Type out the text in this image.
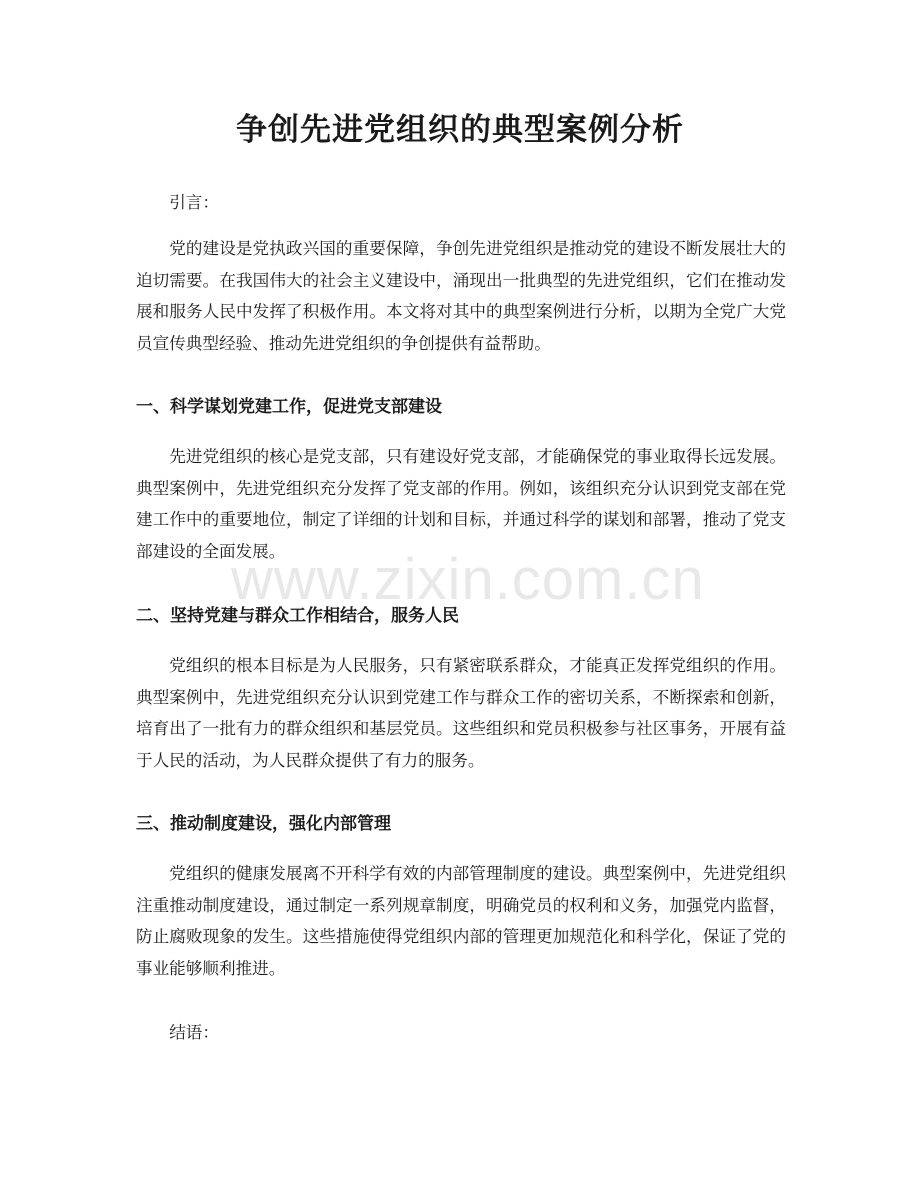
争创先进党组织的典型案例分析

引言：

党的建设是党执政兴国的重要保障，争创先进党组织是推动党的建设不断发展壮大的迫切需要。在我国伟大的社会主义建设中，涌现出一批典型的先进党组织，它们在推动发展和服务人民中发挥了积极作用。本文将对其中的典型案例进行分析，以期为全党广大党员宣传典型经验、推动先进党组织的争创提供有益帮助。

一、科学谋划党建工作，促进党支部建设

先进党组织的核心是党支部，只有建设好党支部，才能确保党的事业取得长远发展。典型案例中，先进党组织充分发挥了党支部的作用。例如，该组织充分认识到党支部在党建工作中的重要地位，制定了详细的计划和目标，并通过科学的谋划和部署，推动了党支部建设的全面发展。

二、坚持党建与群众工作相结合，服务人民

党组织的根本目标是为人民服务，只有紧密联系群众，才能真正发挥党组织的作用。典型案例中，先进党组织充分认识到党建工作与群众工作的密切关系，不断探索和创新，培育出了一批有力的群众组织和基层党员。这些组织和党员积极参与社区事务，开展有益于人民的活动，为人民群众提供了有力的服务。

三、推动制度建设，强化内部管理

党组织的健康发展离不开科学有效的内部管理制度的建设。典型案例中，先进党组织注重推动制度建设，通过制定一系列规章制度，明确党员的权利和义务，加强党内监督，防止腐败现象的发生。这些措施使得党组织内部的管理更加规范化和科学化，保证了党的事业能够顺利推进。

结语：

www.zixin.com.cn
